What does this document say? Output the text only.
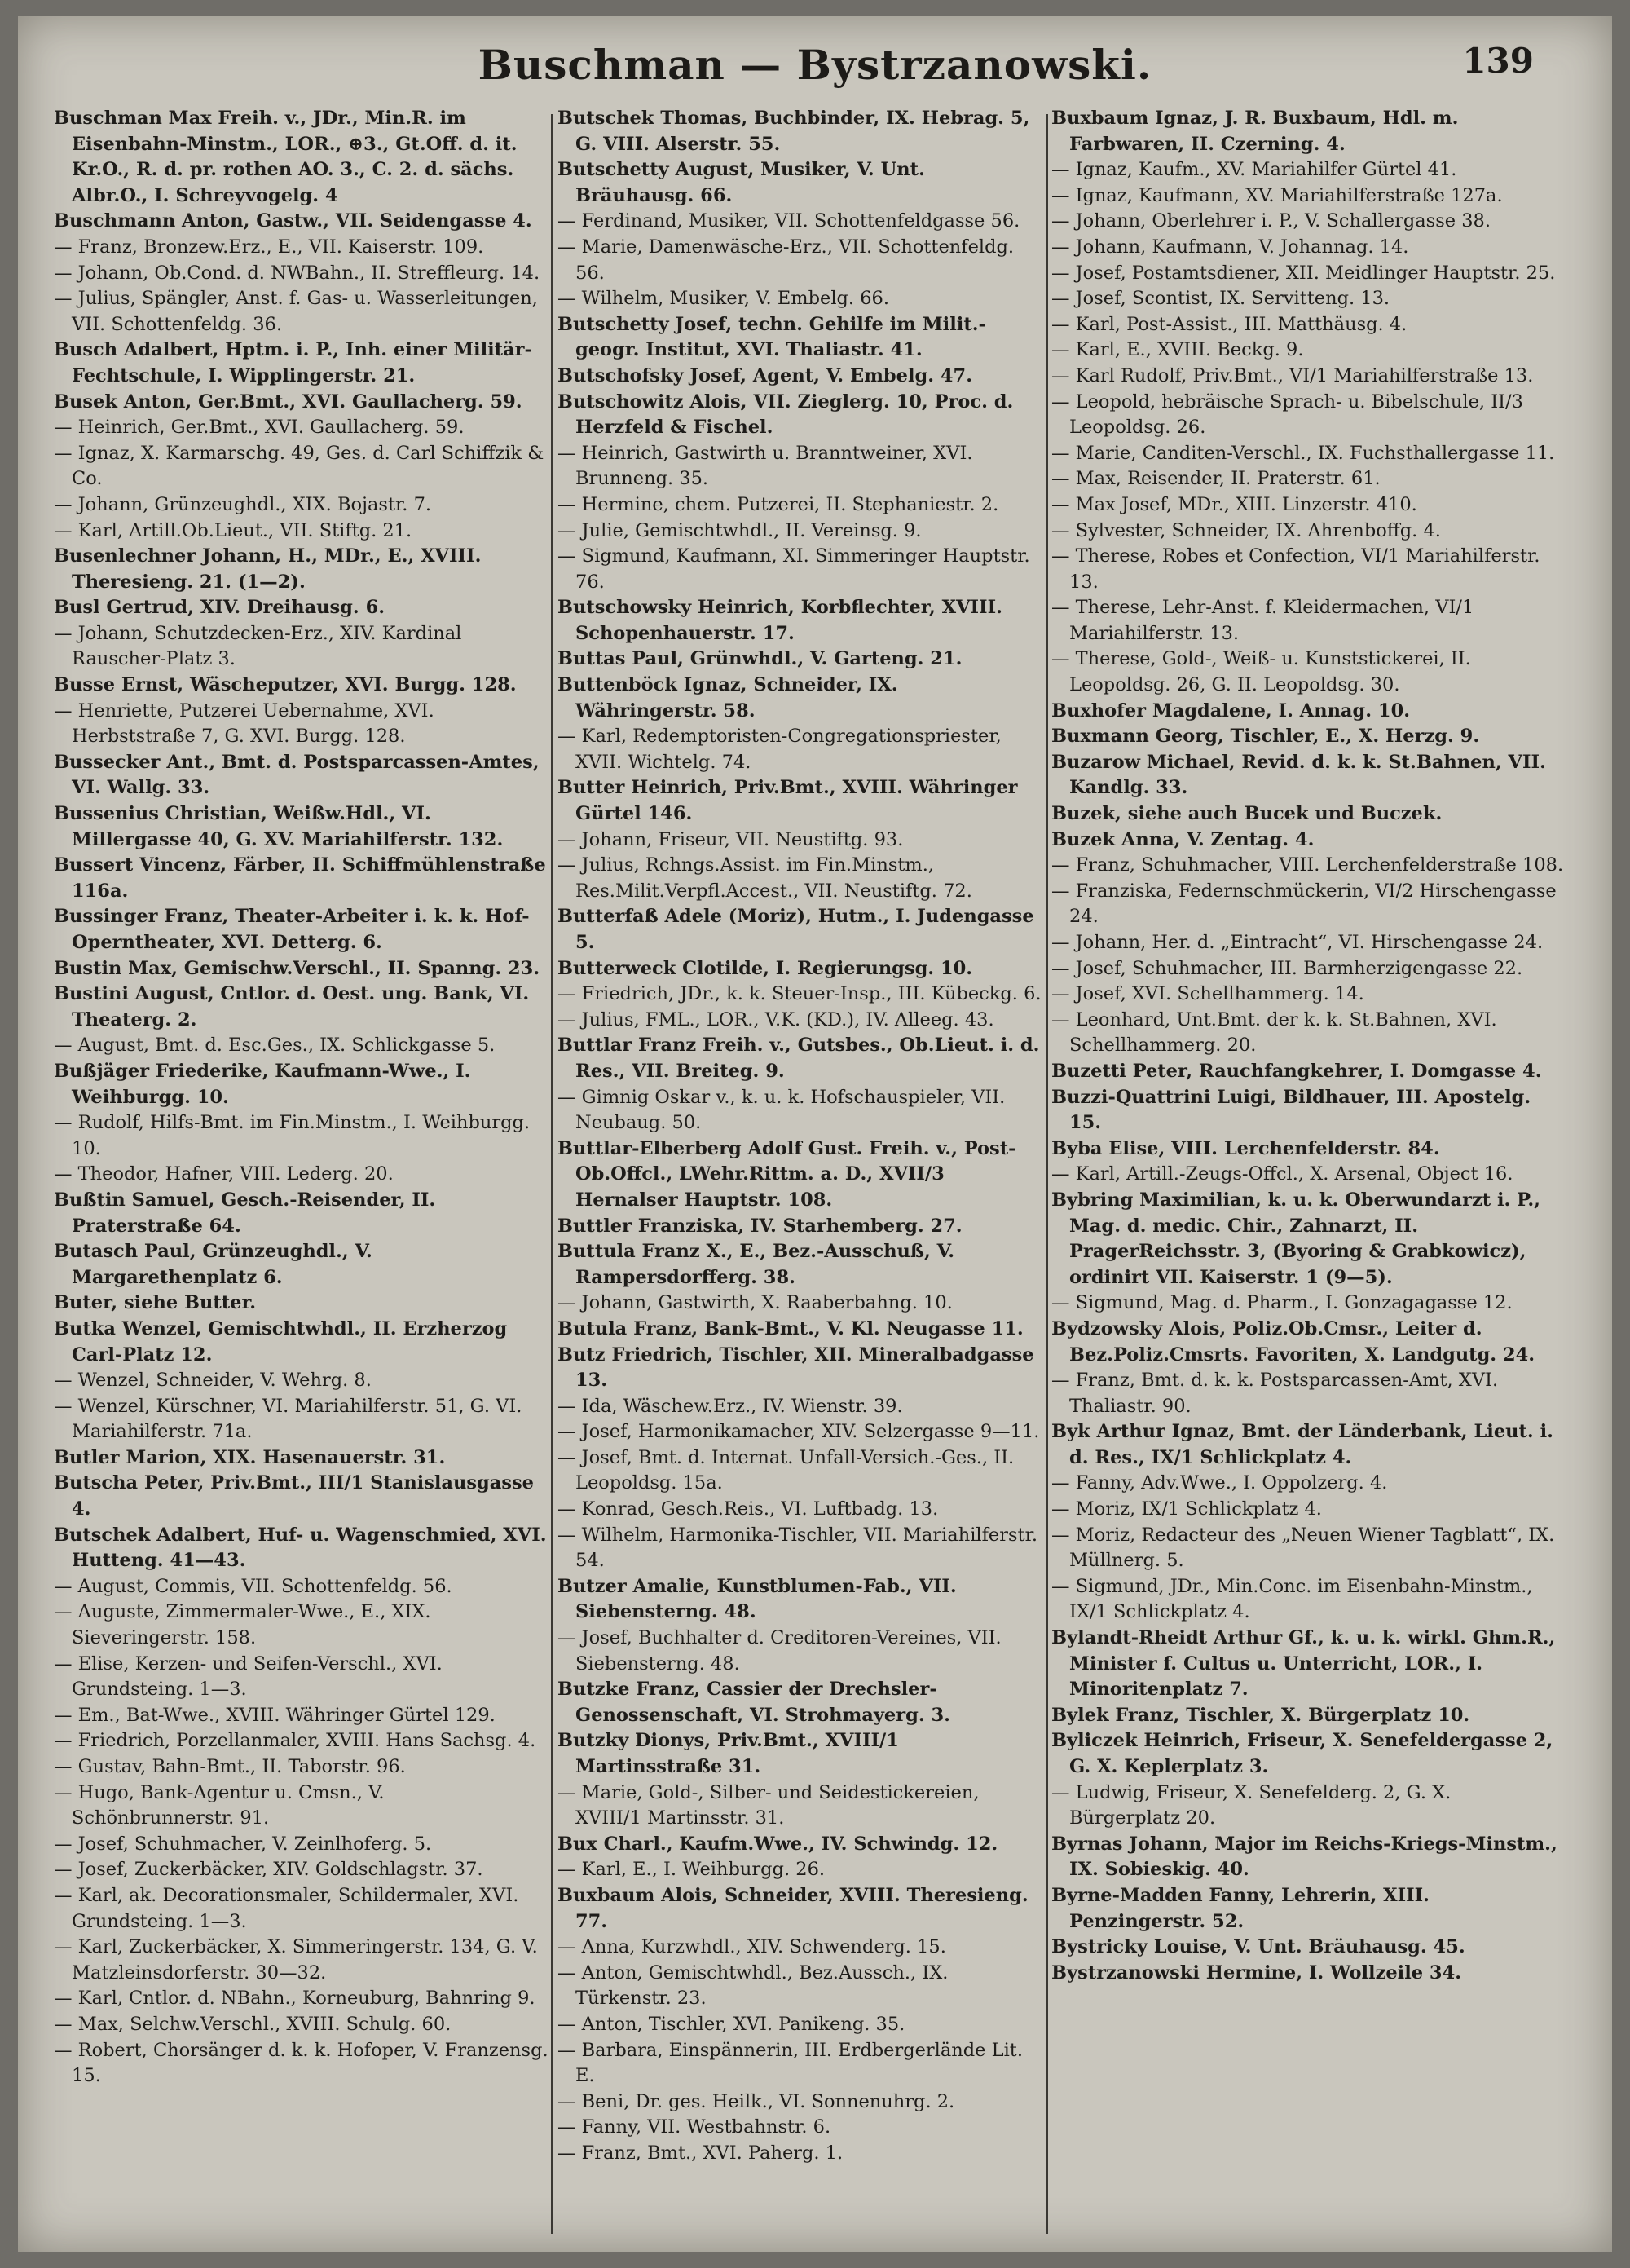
Buschman — Bystrzanowski.	139

Buschman Max Freih. v., JDr., Min.R. im Eisenbahn-Minstm., LOR., ⊕3., Gt.Off. d. it. Kr.O., R. d. pr. rothen AO. 3., C. 2. d. sächs. Albr.O., I. Schreyvogelg. 4

Buschmann Anton, Gastw., VII. Seidengasse 4.

— Franz, Bronzew.Erz., E., VII. Kaiserstr. 109.

— Johann, Ob.Cond. d. NWBahn., II. Streffleurg. 14.

— Julius, Spängler, Anst. f. Gas- u. Wasserleitungen, VII. Schottenfeldg. 36.

Busch Adalbert, Hptm. i. P., Inh. einer Militär-Fechtschule, I. Wipplingerstr. 21.

Busek Anton, Ger.Bmt., XVI. Gaullacherg. 59.

— Heinrich, Ger.Bmt., XVI. Gaullacherg. 59.

— Ignaz, X. Karmarschg. 49, Ges. d. Carl Schiffzik & Co.

— Johann, Grünzeughdl., XIX. Bojastr. 7.

— Karl, Artill.Ob.Lieut., VII. Stiftg. 21.

Busenlechner Johann, H., MDr., E., XVIII. Theresieng. 21. (1—2).

Busl Gertrud, XIV. Dreihausg. 6.

— Johann, Schutzdecken-Erz., XIV. Kardinal Rauscher-Platz 3.

Busse Ernst, Wäscheputzer, XVI. Burgg. 128.

— Henriette, Putzerei Uebernahme, XVI. Herbststraße 7, G. XVI. Burgg. 128.

Bussecker Ant., Bmt. d. Postsparcassen-Amtes, VI. Wallg. 33.

Bussenius Christian, Weißw.Hdl., VI. Millergasse 40, G. XV. Mariahilferstr. 132.

Bussert Vincenz, Färber, II. Schiffmühlenstraße 116a.

Bussinger Franz, Theater-Arbeiter i. k. k. Hof-Operntheater, XVI. Detterg. 6.

Bustin Max, Gemischw.Verschl., II. Spanng. 23.

Bustini August, Cntlor. d. Oest. ung. Bank, VI. Theaterg. 2.

— August, Bmt. d. Esc.Ges., IX. Schlickgasse 5.

Bußjäger Friederike, Kaufmann-Wwe., I. Weihburgg. 10.

— Rudolf, Hilfs-Bmt. im Fin.Minstm., I. Weihburgg. 10.

— Theodor, Hafner, VIII. Lederg. 20.

Bußtin Samuel, Gesch.-Reisender, II. Praterstraße 64.

Butasch Paul, Grünzeughdl., V. Margarethenplatz 6.

Buter, siehe Butter.

Butka Wenzel, Gemischtwhdl., II. Erzherzog Carl-Platz 12.

— Wenzel, Schneider, V. Wehrg. 8.

— Wenzel, Kürschner, VI. Mariahilferstr. 51, G. VI. Mariahilferstr. 71a.

Butler Marion, XIX. Hasenauerstr. 31.

Butscha Peter, Priv.Bmt., III/1 Stanislausgasse 4.

Butschek Adalbert, Huf- u. Wagenschmied, XVI. Hutteng. 41—43.

— August, Commis, VII. Schottenfeldg. 56.

— Auguste, Zimmermaler-Wwe., E., XIX. Sieveringerstr. 158.

— Elise, Kerzen- und Seifen-Verschl., XVI. Grundsteing. 1—3.

— Em., Bat-Wwe., XVIII. Währinger Gürtel 129.

— Friedrich, Porzellanmaler, XVIII. Hans Sachsg. 4.

— Gustav, Bahn-Bmt., II. Taborstr. 96.

— Hugo, Bank-Agentur u. Cmsn., V. Schönbrunnerstr. 91.

— Josef, Schuhmacher, V. Zeinlhoferg. 5.

— Josef, Zuckerbäcker, XIV. Goldschlagstr. 37.

— Karl, ak. Decorationsmaler, Schildermaler, XVI. Grundsteing. 1—3.

— Karl, Zuckerbäcker, X. Simmeringerstr. 134, G. V. Matzleinsdorferstr. 30—32.

— Karl, Cntlor. d. NBahn., Korneuburg, Bahnring 9.

— Max, Selchw.Verschl., XVIII. Schulg. 60.

— Robert, Chorsänger d. k. k. Hofoper, V. Franzensg. 15.

Butschek Thomas, Buchbinder, IX. Hebrag. 5, G. VIII. Alserstr. 55.

Butschetty August, Musiker, V. Unt. Bräuhausg. 66.

— Ferdinand, Musiker, VII. Schottenfeldgasse 56.

— Marie, Damenwäsche-Erz., VII. Schottenfeldg. 56.

— Wilhelm, Musiker, V. Embelg. 66.

Butschetty Josef, techn. Gehilfe im Milit.-geogr. Institut, XVI. Thaliastr. 41.

Butschofsky Josef, Agent, V. Embelg. 47.

Butschowitz Alois, VII. Zieglerg. 10, Proc. d. Herzfeld & Fischel.

— Heinrich, Gastwirth u. Branntweiner, XVI. Brunneng. 35.

— Hermine, chem. Putzerei, II. Stephaniestr. 2.

— Julie, Gemischtwhdl., II. Vereinsg. 9.

— Sigmund, Kaufmann, XI. Simmeringer Hauptstr. 76.

Butschowsky Heinrich, Korbflechter, XVIII. Schopenhauerstr. 17.

Buttas Paul, Grünwhdl., V. Garteng. 21.

Buttenböck Ignaz, Schneider, IX. Währingerstr. 58.

— Karl, Redemptoristen-Congregationspriester, XVII. Wichtelg. 74.

Butter Heinrich, Priv.Bmt., XVIII. Währinger Gürtel 146.

— Johann, Friseur, VII. Neustiftg. 93.

— Julius, Rchngs.Assist. im Fin.Minstm., Res.Milit.Verpfl.Accest., VII. Neustiftg. 72.

Butterfaß Adele (Moriz), Hutm., I. Judengasse 5.

Butterweck Clotilde, I. Regierungsg. 10.

— Friedrich, JDr., k. k. Steuer-Insp., III. Kübeckg. 6.

— Julius, FML., LOR., V.K. (KD.), IV. Alleeg. 43.

Buttlar Franz Freih. v., Gutsbes., Ob.Lieut. i. d. Res., VII. Breiteg. 9.

— Gimnig Oskar v., k. u. k. Hofschauspieler, VII. Neubaug. 50.

Buttlar-Elberberg Adolf Gust. Freih. v., Post-Ob.Offcl., LWehr.Rittm. a. D., XVII/3 Hernalser Hauptstr. 108.

Buttler Franziska, IV. Starhemberg. 27.

Buttula Franz X., E., Bez.-Ausschuß, V. Rampersdorfferg. 38.

— Johann, Gastwirth, X. Raaberbahng. 10.

Butula Franz, Bank-Bmt., V. Kl. Neugasse 11.

Butz Friedrich, Tischler, XII. Mineralbadgasse 13.

— Ida, Wäschew.Erz., IV. Wienstr. 39.

— Josef, Harmonikamacher, XIV. Selzergasse 9—11.

— Josef, Bmt. d. Internat. Unfall-Versich.-Ges., II. Leopoldsg. 15a.

— Konrad, Gesch.Reis., VI. Luftbadg. 13.

— Wilhelm, Harmonika-Tischler, VII. Mariahilferstr. 54.

Butzer Amalie, Kunstblumen-Fab., VII. Siebensterng. 48.

— Josef, Buchhalter d. Creditoren-Vereines, VII. Siebensterng. 48.

Butzke Franz, Cassier der Drechsler-Genossenschaft, VI. Strohmayerg. 3.

Butzky Dionys, Priv.Bmt., XVIII/1 Martinsstraße 31.

— Marie, Gold-, Silber- und Seidestickereien, XVIII/1 Martinsstr. 31.

Bux Charl., Kaufm.Wwe., IV. Schwindg. 12.

— Karl, E., I. Weihburgg. 26.

Buxbaum Alois, Schneider, XVIII. Theresieng. 77.

— Anna, Kurzwhdl., XIV. Schwenderg. 15.

— Anton, Gemischtwhdl., Bez.Aussch., IX. Türkenstr. 23.

— Anton, Tischler, XVI. Panikeng. 35.

— Barbara, Einspännerin, III. Erdbergerlände Lit. E.

— Beni, Dr. ges. Heilk., VI. Sonnenuhrg. 2.

— Fanny, VII. Westbahnstr. 6.

— Franz, Bmt., XVI. Paherg. 1.

Buxbaum Ignaz, J. R. Buxbaum, Hdl. m. Farbwaren, II. Czerning. 4.

— Ignaz, Kaufm., XV. Mariahilfer Gürtel 41.

— Ignaz, Kaufmann, XV. Mariahilferstraße 127a.

— Johann, Oberlehrer i. P., V. Schallergasse 38.

— Johann, Kaufmann, V. Johannag. 14.

— Josef, Postamtsdiener, XII. Meidlinger Hauptstr. 25.

— Josef, Scontist, IX. Servitteng. 13.

— Karl, Post-Assist., III. Matthäusg. 4.

— Karl, E., XVIII. Beckg. 9.

— Karl Rudolf, Priv.Bmt., VI/1 Mariahilferstraße 13.

— Leopold, hebräische Sprach- u. Bibelschule, II/3 Leopoldsg. 26.

— Marie, Canditen-Verschl., IX. Fuchsthallergasse 11.

— Max, Reisender, II. Praterstr. 61.

— Max Josef, MDr., XIII. Linzerstr. 410.

— Sylvester, Schneider, IX. Ahrenboffg. 4.

— Therese, Robes et Confection, VI/1 Mariahilferstr. 13.

— Therese, Lehr-Anst. f. Kleidermachen, VI/1 Mariahilferstr. 13.

— Therese, Gold-, Weiß- u. Kunststickerei, II. Leopoldsg. 26, G. II. Leopoldsg. 30.

Buxhofer Magdalene, I. Annag. 10.

Buxmann Georg, Tischler, E., X. Herzg. 9.

Buzarow Michael, Revid. d. k. k. St.Bahnen, VII. Kandlg. 33.

Buzek, siehe auch Bucek und Buczek.

Buzek Anna, V. Zentag. 4.

— Franz, Schuhmacher, VIII. Lerchenfelderstraße 108.

— Franziska, Federnschmückerin, VI/2 Hirschengasse 24.

— Johann, Her. d. „Eintracht“, VI. Hirschengasse 24.

— Josef, Schuhmacher, III. Barmherzigengasse 22.

— Josef, XVI. Schellhammerg. 14.

— Leonhard, Unt.Bmt. der k. k. St.Bahnen, XVI. Schellhammerg. 20.

Buzetti Peter, Rauchfangkehrer, I. Domgasse 4.

Buzzi-Quattrini Luigi, Bildhauer, III. Apostelg. 15.

Byba Elise, VIII. Lerchenfelderstr. 84.

— Karl, Artill.-Zeugs-Offcl., X. Arsenal, Object 16.

Bybring Maximilian, k. u. k. Oberwundarzt i. P., Mag. d. medic. Chir., Zahnarzt, II. PragerReichsstr. 3, (Byoring & Grabkowicz), ordinirt VII. Kaiserstr. 1 (9—5).

— Sigmund, Mag. d. Pharm., I. Gonzagagasse 12.

Bydzowsky Alois, Poliz.Ob.Cmsr., Leiter d. Bez.Poliz.Cmsrts. Favoriten, X. Landgutg. 24.

— Franz, Bmt. d. k. k. Postsparcassen-Amt, XVI. Thaliastr. 90.

Byk Arthur Ignaz, Bmt. der Länderbank, Lieut. i. d. Res., IX/1 Schlickplatz 4.

— Fanny, Adv.Wwe., I. Oppolzerg. 4.

— Moriz, IX/1 Schlickplatz 4.

— Moriz, Redacteur des „Neuen Wiener Tagblatt“, IX. Müllnerg. 5.

— Sigmund, JDr., Min.Conc. im Eisenbahn-Minstm., IX/1 Schlickplatz 4.

Bylandt-Rheidt Arthur Gf., k. u. k. wirkl. Ghm.R., Minister f. Cultus u. Unterricht, LOR., I. Minoritenplatz 7.

Bylek Franz, Tischler, X. Bürgerplatz 10.

Byliczek Heinrich, Friseur, X. Senefeldergasse 2, G. X. Keplerplatz 3.

— Ludwig, Friseur, X. Senefelderg. 2, G. X. Bürgerplatz 20.

Byrnas Johann, Major im Reichs-Kriegs-Minstm., IX. Sobieskig. 40.

Byrne-Madden Fanny, Lehrerin, XIII. Penzingerstr. 52.

Bystricky Louise, V. Unt. Bräuhausg. 45.

Bystrzanowski Hermine, I. Wollzeile 34.
